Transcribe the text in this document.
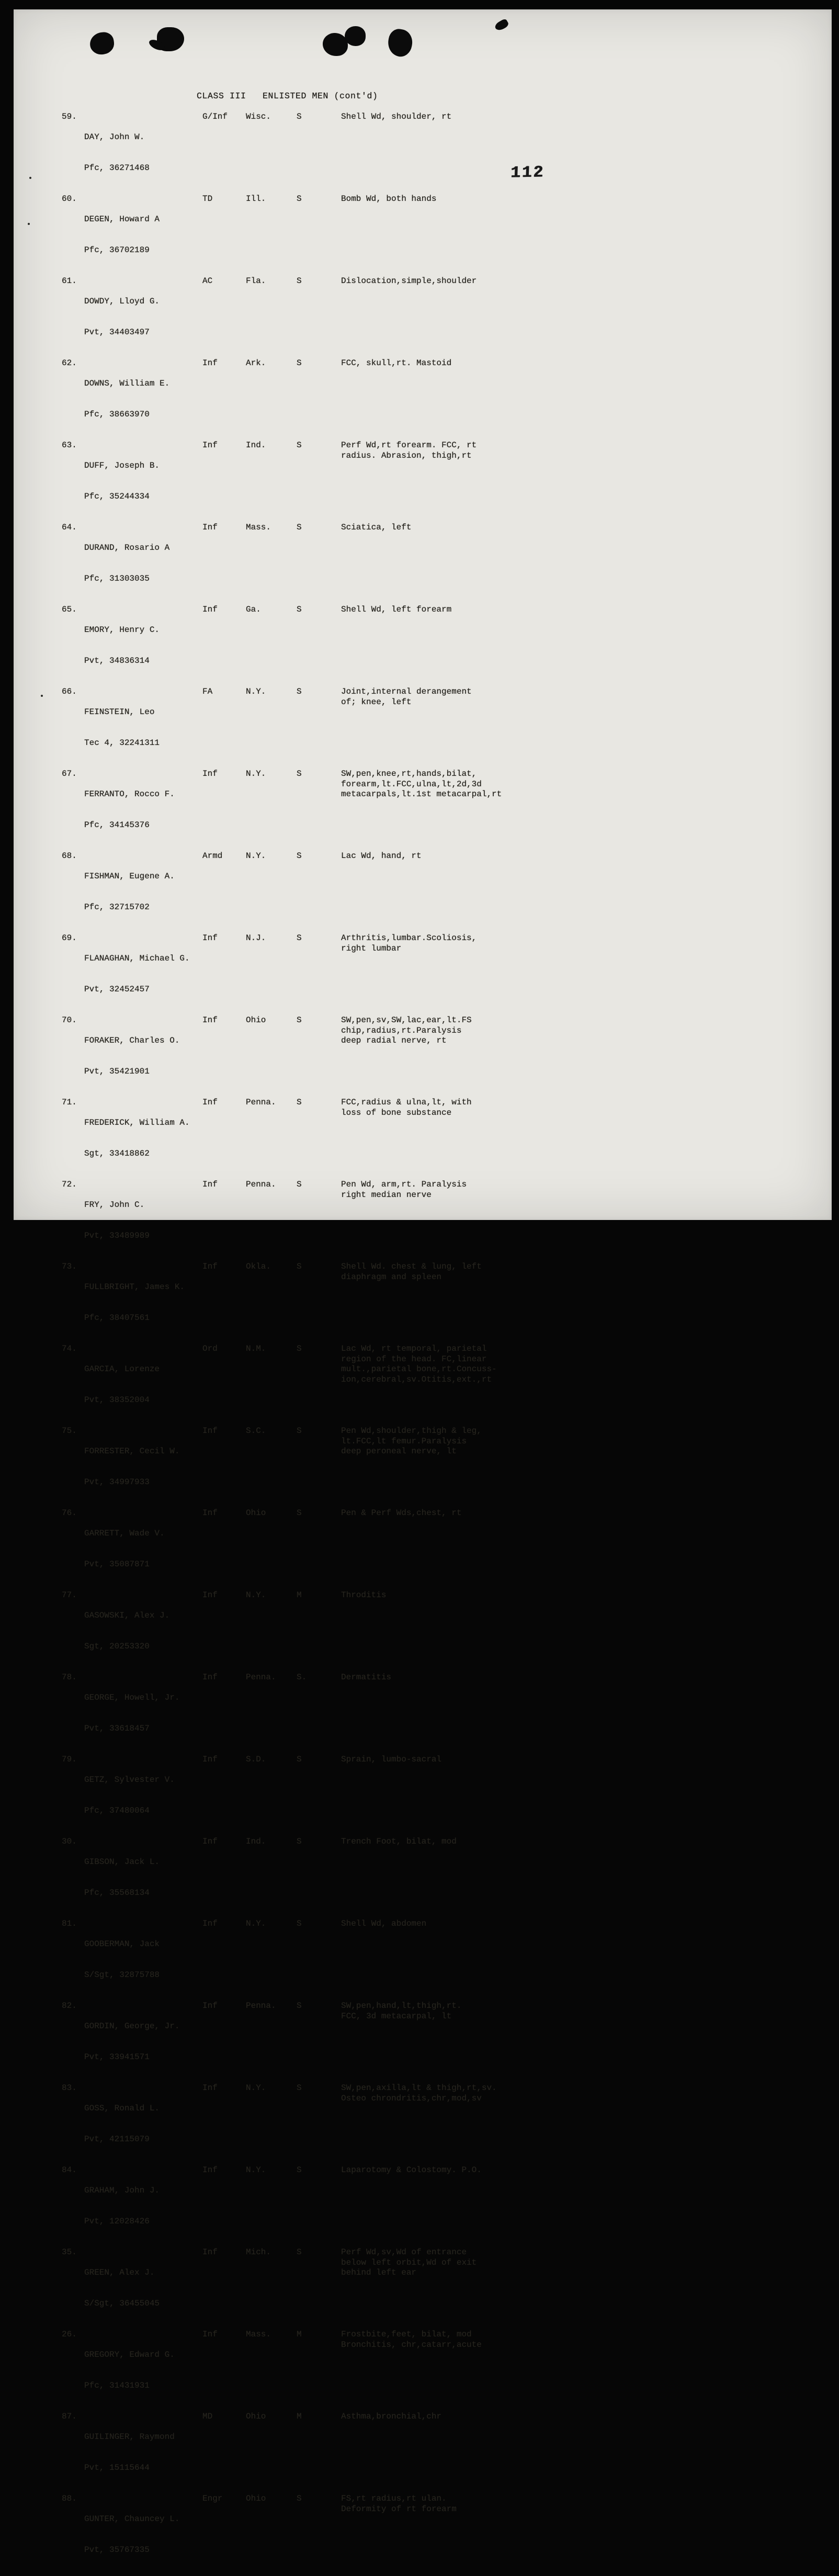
112
CLASS III   ENLISTED MEN (cont'd)
59.

DAY, John W.

Pfc, 36271468

G/Inf	Wisc.	S	Shell Wd, shoulder, rt
60.

DEGEN, Howard A

Pfc, 36702189

TD	Ill.	S	Bomb Wd, both hands
61.

DOWDY, Lloyd G.

Pvt, 34403497

AC	Fla.	S	Dislocation,simple,shoulder
62.

DOWNS, William E.

Pfc, 38663970

Inf	Ark.	S	FCC, skull,rt. Mastoid
63.

DUFF, Joseph B.

Pfc, 35244334

Inf	Ind.	S	Perf Wd,rt forearm. FCC, rt
radius. Abrasion, thigh,rt
64.

DURAND, Rosario A

Pfc, 31303035

Inf	Mass.	S	Sciatica, left
65.

EMORY, Henry C.

Pvt, 34836314

Inf	Ga.	S	Shell Wd, left forearm
66.

FEINSTEIN, Leo

Tec 4, 32241311

FA	N.Y.	S	Joint,internal derangement
of; knee, left
67.

FERRANTO, Rocco F.

Pfc, 34145376

Inf	N.Y.	S	SW,pen,knee,rt,hands,bilat,
forearm,lt.FCC,ulna,lt,2d,3d
metacarpals,lt.1st metacarpal,rt
68.

FISHMAN, Eugene A.

Pfc, 32715702

Armd	N.Y.	S	Lac Wd, hand, rt
69.

FLANAGHAN, Michael G.

Pvt, 32452457

Inf	N.J.	S	Arthritis,lumbar.Scoliosis,
right lumbar
70.

FORAKER, Charles O.

Pvt, 35421901

Inf	Ohio	S	SW,pen,sv,SW,lac,ear,lt.FS
chip,radius,rt.Paralysis
deep radial nerve, rt
71.

FREDERICK, William A.

Sgt, 33418862

Inf	Penna.	S	FCC,radius & ulna,lt, with
loss of bone substance
72.

FRY, John C.

Pvt, 33489989

Inf	Penna.	S	Pen Wd, arm,rt. Paralysis
right median nerve
73.

FULLBRIGHT, James K.

Pfc, 38407561

Inf	Okla.	S	Shell Wd. chest & lung, left
diaphragm and spleen
74.

GARCIA, Lorenze

Pvt, 38352004

Ord	N.M.	S	Lac Wd, rt temporal, parietal
region of the head. FC,linear
mult.,parietal bone,rt.Concuss-
ion,cerebral,sv.Otitis,ext.,rt
75.

FORRESTER, Cecil W.

Pvt, 34997933

Inf	S.C.	S	Pen Wd,shoulder,thigh & leg,
lt.FCC,lt femur.Paralysis
deep peroneal nerve, lt
76.

GARRETT, Wade V.

Pvt, 35087871

Inf	Ohio	S	Pen & Perf Wds,chest, rt
77.

GASOWSKI, Alex J.

Sgt, 20253320

Inf	N.Y.	M	Throditis
78.

GEORGE, Howell, Jr.

Pvt, 33618457

Inf	Penna.	S.	Dermatitis
79.

GETZ, Sylvester V.

Pfc, 37480064

Inf	S.D.	S	Sprain, lumbo-sacral
30.

GIBSON, Jack L.

Pfc, 35568134

Inf	Ind.	S	Trench Foot, bilat, mod
81.

GOOBERMAN, Jack

S/Sgt, 32875788

Inf	N.Y.	S	Shell Wd, abdomen
82.

GORDIN, George, Jr.

Pvt, 33941571

Inf	Penna.	S	SW,pen,hand,lt,thigh,rt.
FCC, 3d metacarpal, lt
83.

GOSS, Ronald L.

Pvt, 42115079

Inf	N.Y.	S	SW,pen,axilla,lt & thigh,rt,sv.
Osteo chrondritis,chr,mod,sv
84.

GRAHAM, John J.

Pvt, 12028426

Inf	N.Y.	S	Laparotomy & Colostomy. P.O.
35.

GREEN, Alex J.

S/Sgt, 36455045

Inf	Mich.	S	Perf Wd,sv,Wd of entrance
below left orbit,Wd of exit
behind left ear
26.

GREGORY, Edward G.

Pfc, 31431931

Inf	Mass.	M	Frostbite,feet, bilat, mod
Bronchitis, chr,catarr,acute
87.

GUILINGER, Raymond

Pvt, 15115644

MD	Ohio	M	Asthma,bronchial,chr
88.

GUNTER, Chauncey L.

Pvt, 35767335

Engr	Ohio	S	FS,rt radius,rt ulan.
Deformity of rt forearm
